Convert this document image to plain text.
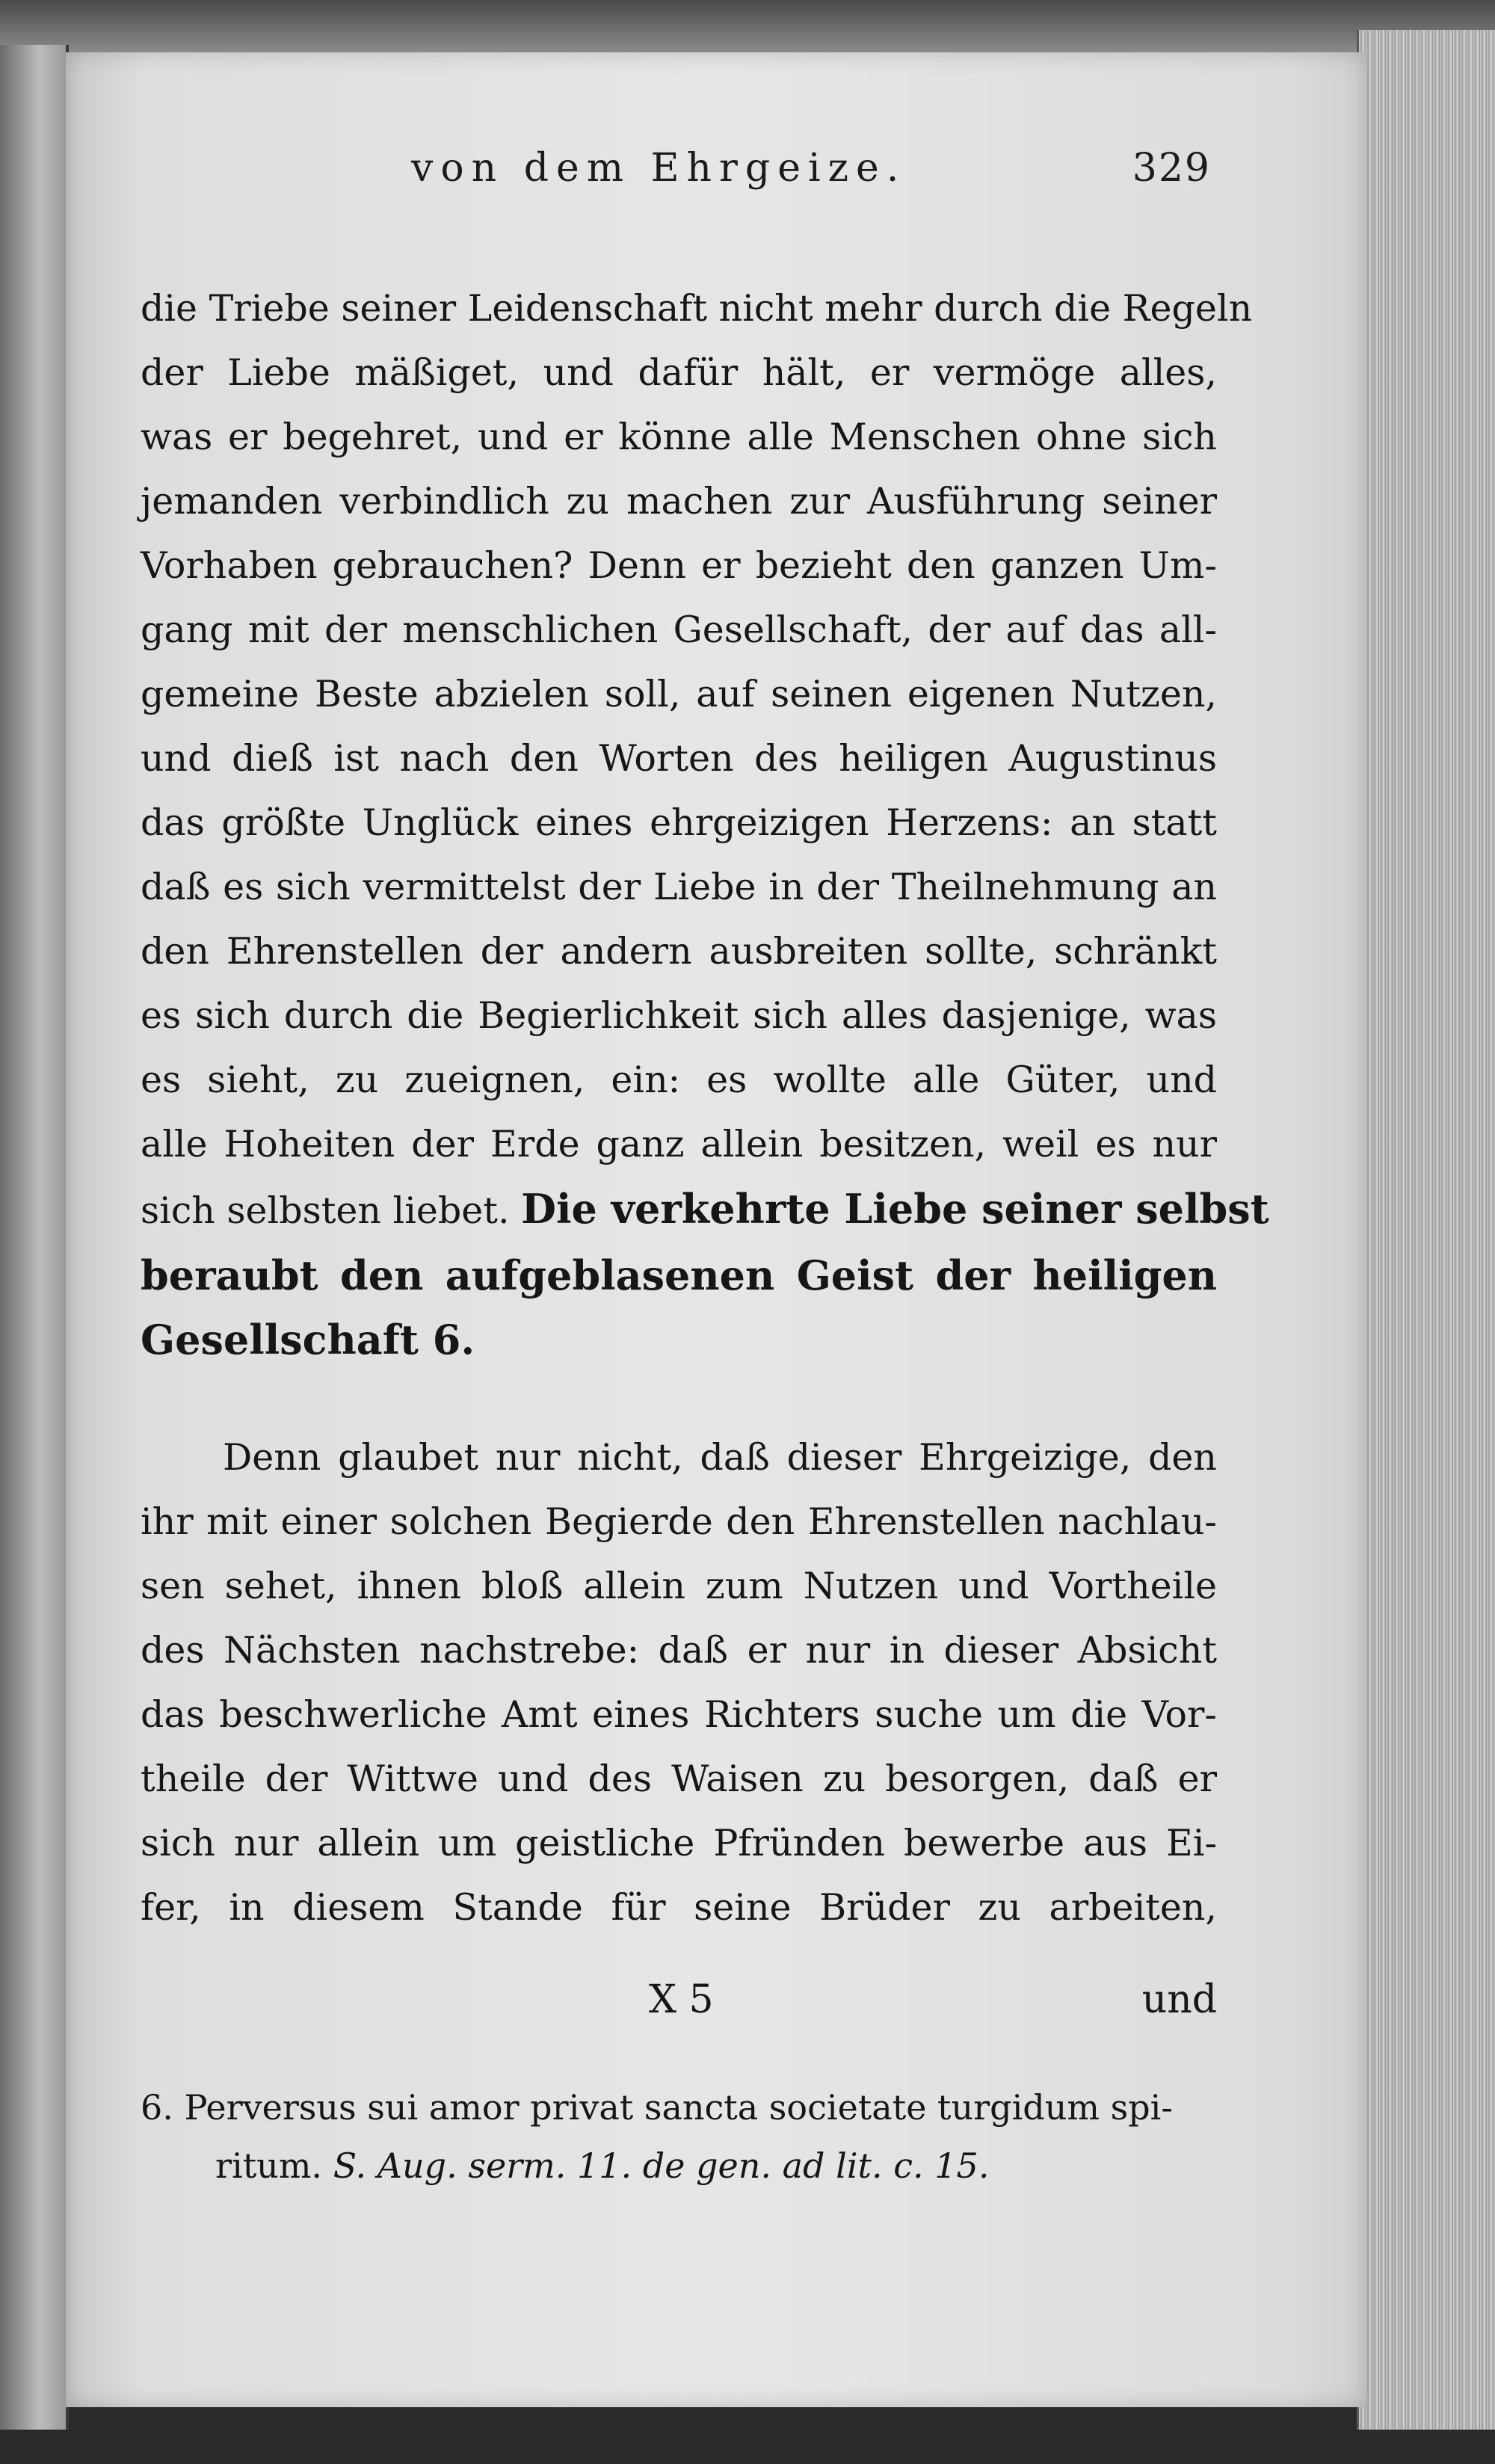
von dem Ehrgeize.	329
die Triebe seiner Leidenschaft nicht mehr durch die Regeln
der Liebe mäßiget, und dafür hält, er vermöge alles,
was er begehret, und er könne alle Menschen ohne sich
jemanden verbindlich zu machen zur Ausführung seiner
Vorhaben gebrauchen? Denn er bezieht den ganzen Um-
gang mit der menschlichen Gesellschaft, der auf das all-
gemeine Beste abzielen soll, auf seinen eigenen Nutzen,
und dieß ist nach den Worten des heiligen Augustinus
das größte Unglück eines ehrgeizigen Herzens: an statt
daß es sich vermittelst der Liebe in der Theilnehmung an
den Ehrenstellen der andern ausbreiten sollte, schränkt
es sich durch die Begierlichkeit sich alles dasjenige, was
es sieht, zu zueignen, ein: es wollte alle Güter, und
alle Hoheiten der Erde ganz allein besitzen, weil es nur
sich selbsten liebet. Die verkehrte Liebe seiner selbst
beraubt den aufgeblasenen Geist der heiligen
Gesellschaft 6.
Denn glaubet nur nicht, daß dieser Ehrgeizige, den
ihr mit einer solchen Begierde den Ehrenstellen nachlau-
sen sehet, ihnen bloß allein zum Nutzen und Vortheile
des Nächsten nachstrebe: daß er nur in dieser Absicht
das beschwerliche Amt eines Richters suche um die Vor-
theile der Wittwe und des Waisen zu besorgen, daß er
sich nur allein um geistliche Pfründen bewerbe aus Ei-
fer, in diesem Stande für seine Brüder zu arbeiten,
X 5	und
6. Perversus sui amor privat sancta societate turgidum spi-
ritum. S. Aug. serm. 11. de gen. ad lit. c. 15.
